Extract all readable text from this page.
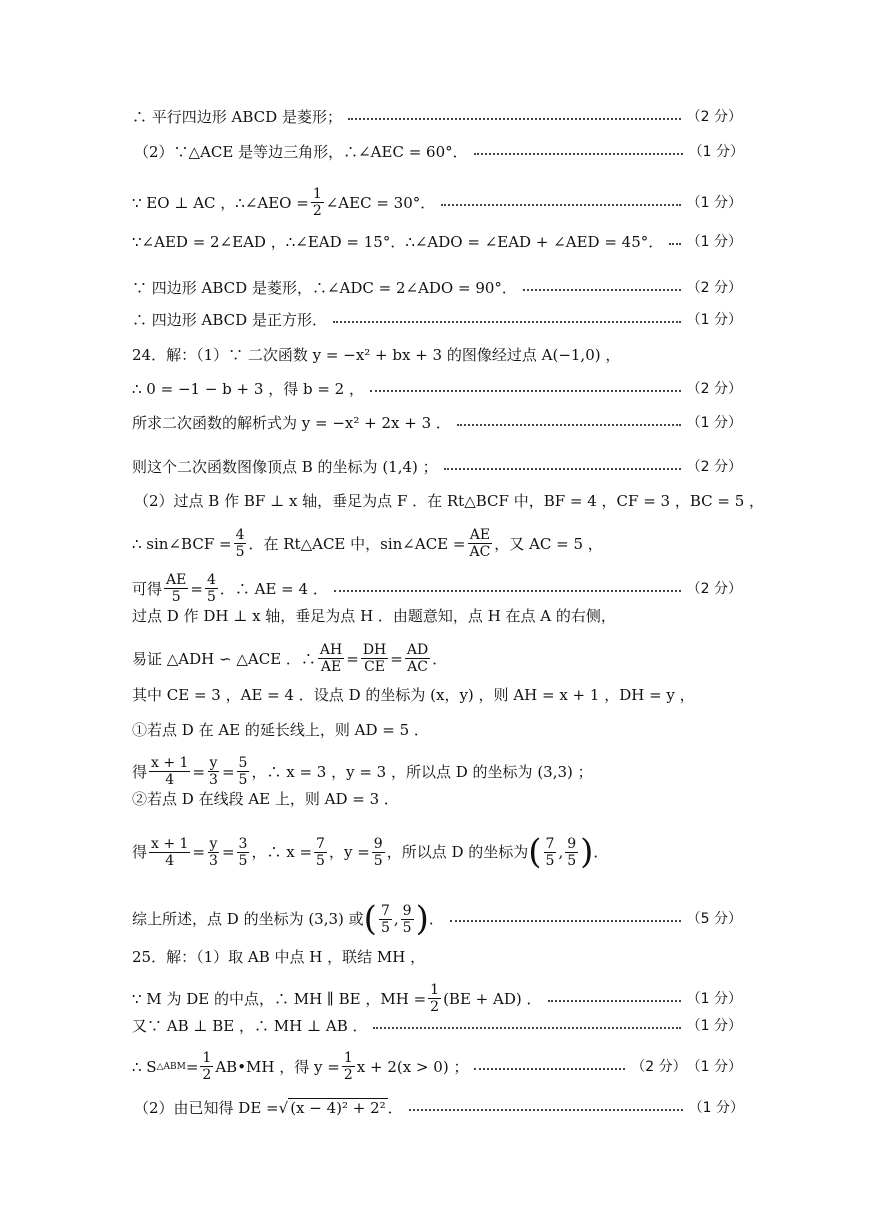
∴ 平行四边形 ABCD 是菱形；	（2 分）
（2）∵△ACE 是等边三角形，∴∠AEC = 60°．	（1 分）
∵ EO ⊥ AC ，∴∠AEO = $\frac{1}{2}$ ∠AEC = 30°．	（1 分）
∵∠AED = 2∠EAD ，∴∠EAD = 15°．∴∠ADO = ∠EAD + ∠AED = 45°． （1 分）
∵ 四边形 ABCD 是菱形，∴∠ADC = 2∠ADO = 90°．	（2 分）
∴ 四边形 ABCD 是正方形．	（1 分）
24．解：（1）∵ 二次函数 y = −x² + bx + 3 的图像经过点 A(−1,0) ，
∴ 0 = −1 − b + 3 ，得 b = 2 ，	（2 分）
所求二次函数的解析式为 y = −x² + 2x + 3 ．	（1 分）
则这个二次函数图像顶点 B 的坐标为 (1,4) ；	（2 分）
（2）过点 B 作 BF ⊥ x 轴，垂足为点 F ．在 Rt△BCF 中，BF = 4 ，CF = 3 ，BC = 5 ，
∴ sin∠BCF = $\frac{4}{5}$ ．在 Rt△ACE 中，sin∠ACE = $\frac{AE}{AC}$ ，又 AC = 5 ，
可得 $\frac{AE}{5} = \frac{4}{5}$ ．∴ AE = 4 ．	（2 分）
过点 D 作 DH ⊥ x 轴，垂足为点 H ．由题意知，点 H 在点 A 的右侧，
易证 △ADH ∽ △ACE ．∴ $\frac{AH}{AE} = \frac{DH}{CE} = \frac{AD}{AC}$ ．
其中 CE = 3 ，AE = 4 ．设点 D 的坐标为 (x，y) ，则 AH = x + 1 ，DH = y ，
①若点 D 在 AE 的延长线上，则 AD = 5 ．
得 $\frac{x + 1}{4} = \frac{y}{3} = \frac{5}{5}$ ，∴ x = 3 ，y = 3 ，所以点 D 的坐标为 (3,3) ；
②若点 D 在线段 AE 上，则 AD = 3 ．
得 $\frac{x + 1}{4} = \frac{y}{3} = \frac{3}{5}$ ，∴ $x = \frac{7}{5}$ ，$y = \frac{9}{5}$ ，所以点 D 的坐标为 ( $\frac{7}{5}$ , $\frac{9}{5}$ ) ．
综上所述，点 D 的坐标为 (3,3) 或 ( $\frac{7}{5}$ , $\frac{9}{5}$ ) ．	（5 分）
25．解：（1）取 AB 中点 H ，联结 MH ，
∵ M 为 DE 的中点，∴ MH ∥ BE ，MH = $\frac{1}{2} (BE + AD)$ ．	（1 分）
又∵ AB ⊥ BE ，∴ MH ⊥ AB ．	（1 分）
∴ S △ABM = $\frac{1}{2}$ AB•MH ，得 $y = \frac{1}{2}$ x + 2(x > 0) ；	（2 分） （1 分）
（2）由已知得 DE = √ (x − 4)² + 2² ．	（1 分）
